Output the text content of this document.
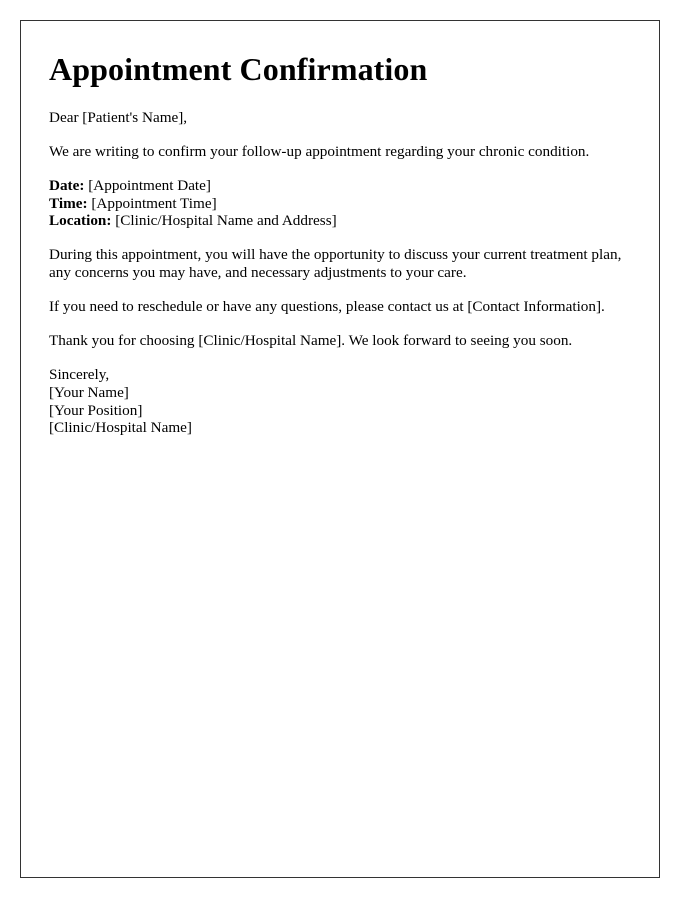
Appointment Confirmation

Dear [Patient's Name],

We are writing to confirm your follow-up appointment regarding your chronic condition.

Date: [Appointment Date]
Time: [Appointment Time]
Location: [Clinic/Hospital Name and Address]

During this appointment, you will have the opportunity to discuss your current treatment plan, any concerns you may have, and necessary adjustments to your care.

If you need to reschedule or have any questions, please contact us at [Contact Information].

Thank you for choosing [Clinic/Hospital Name]. We look forward to seeing you soon.

Sincerely,
[Your Name]
[Your Position]
[Clinic/Hospital Name]
